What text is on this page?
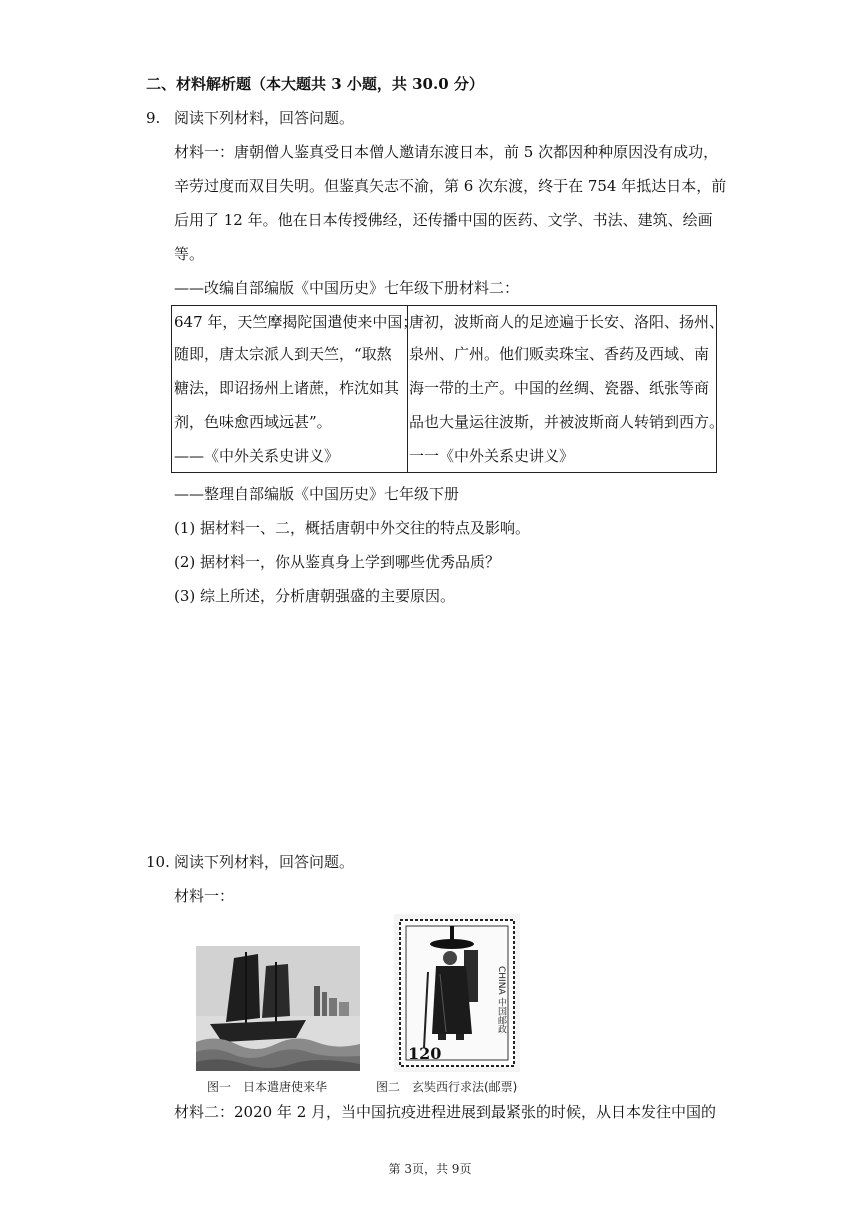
二、材料解析题（本大题共 3 小题，共 30.0 分）
9. 阅读下列材料，回答问题。
材料一：唐朝僧人鉴真受日本僧人邀请东渡日本，前 5 次都因种种原因没有成功，
辛劳过度而双目失明。但鉴真矢志不渝，第 6 次东渡，终于在 754 年抵达日本，前
后用了 12 年。他在日本传授佛经，还传播中国的医药、文学、书法、建筑、绘画
等。
——改编自部编版《中国历史》七年级下册材料二：
647 年，天竺摩揭陀国遣使来中国；
随即，唐太宗派人到天竺，“取熬
糖法，即诏扬州上诸蔗，柞沈如其
剂，色味愈西域远甚”。
——《中外关系史讲义》
唐初，波斯商人的足迹遍于长安、洛阳、扬州、
泉州、广州。他们贩卖珠宝、香药及西域、南
海一带的土产。中国的丝绸、瓷器、纸张等商
品也大量运往波斯，并被波斯商人转销到西方。
一一《中外关系史讲义》
——整理自部编版《中国历史》七年级下册
(1) 据材料一、二，概括唐朝中外交往的特点及影响。
(2) 据材料一，你从鉴真身上学到哪些优秀品质？
(3) 综上所述，分析唐朝强盛的主要原因。
10. 阅读下列材料，回答问题。
材料一：
图一　日本遣唐使来华
CHINA 中国邮政
120
图二　玄奘西行求法(邮票)
材料二：2020 年 2 月，当中国抗疫进程进展到最紧张的时候，从日本发往中国的
第 3页，共 9页
